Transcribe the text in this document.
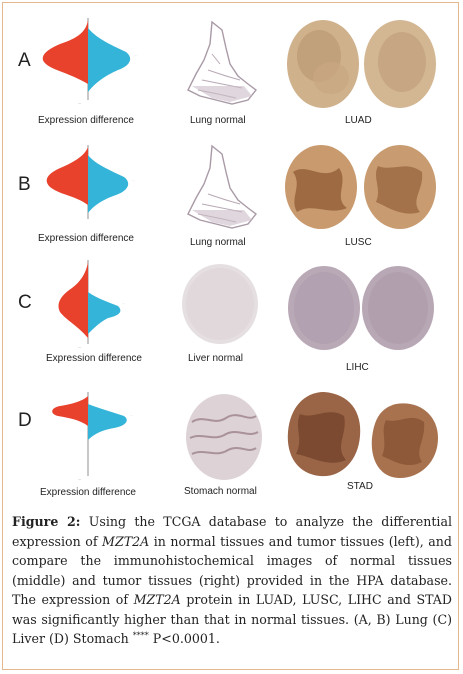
A	···
—
Expression difference	Lung normal	LUAD
B	···
Expression difference	Lung normal	LUSC
C	···
—
Expression difference	Liver normal
LIHC
D	···
—
Expression difference	Stomach normal	STAD
Figure 2: Using the TCGA database to analyze the differential expression of MZT2A in normal tissues and tumor tissues (left), and compare the immunohistochemical images of normal tissues (middle) and tumor tissues (right) provided in the HPA database. The expression of MZT2A protein in LUAD, LUSC, LIHC and STAD was significantly higher than that in normal tissues. (A, B) Lung (C) Liver (D) Stomach **** P<0.0001.
